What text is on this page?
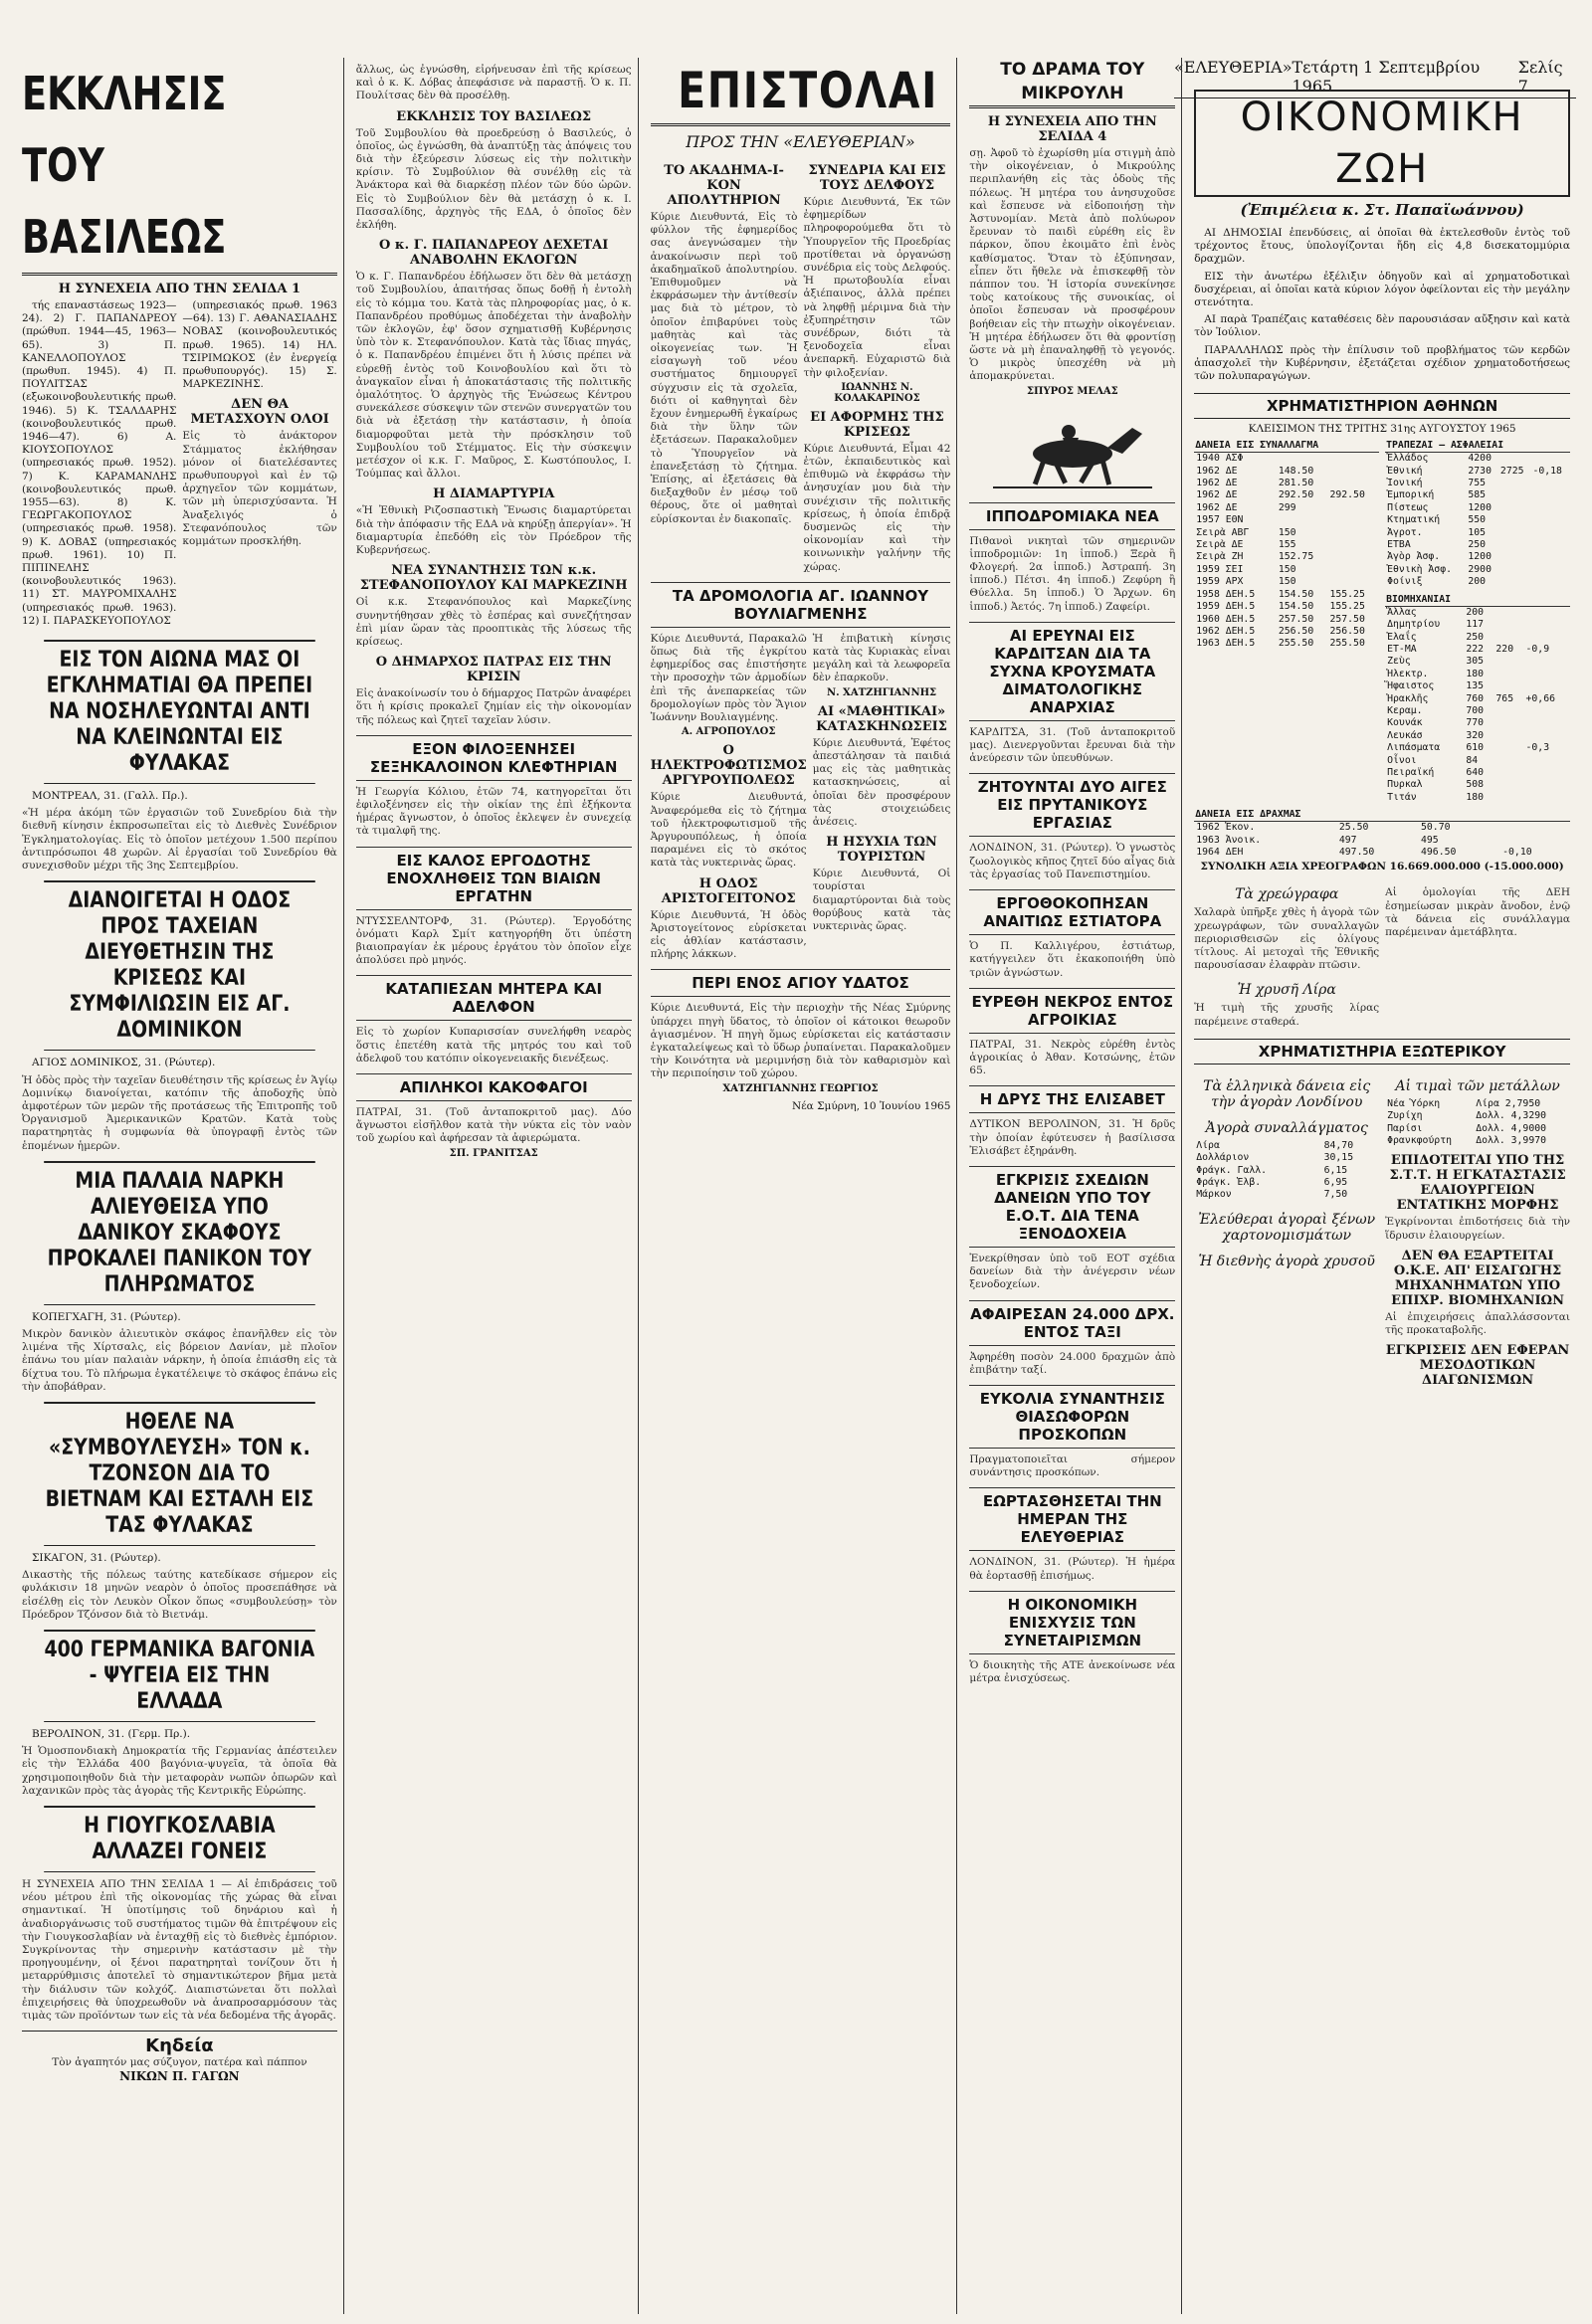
«ΕΛΕΥΘΕΡΙΑ» Τετάρτη 1 Σεπτεμβρίου 1965
Σελίς 7
ΕΚΚΛΗΣΙΣ ΤΟΥ ΒΑΣΙΛΕΩΣ
Η ΣΥΝΕΧΕΙΑ ΑΠΟ ΤΗΝ ΣΕΛΙΔΑ 1

τής επαναστάσεως 1923—24). 2) Γ. ΠΑΠΑΝΔΡΕΟΥ (πρώθυπ. 1944—45, 1963—65). 3) Π. ΚΑΝΕΛΛΟΠΟΥΛΟΣ (πρωθυπ. 1945). 4) Π. ΠΟΥΛΙΤΣΑΣ (εξωκοινοβουλευτικής πρωθ. 1946). 5) Κ. ΤΣΑΛΔΑΡΗΣ (κοινοβουλευτικός πρωθ. 1946—47). 6) Α. ΚΙΟΥΣΟΠΟΥΛΟΣ (υπηρεσιακός πρωθ. 1952). 7) Κ. ΚΑΡΑΜΑΝΛΗΣ (κοινοβουλευτικός πρωθ. 1955—63). 8) Κ. ΓΕΩΡΓΑΚΟΠΟΥΛΟΣ (υπηρεσιακός πρωθ. 1958). 9) Κ. ΔΟΒΑΣ (υπηρεσιακός πρωθ. 1961). 10) Π. ΠΙΠΙΝΕΛΗΣ (κοινοβουλευτικός 1963). 11) ΣΤ. ΜΑΥΡΟΜΙΧΑΛΗΣ (υπηρεσιακός πρωθ. 1963). 12) Ι. ΠΑΡΑΣΚΕΥΟΠΟΥΛΟΣ

(υπηρεσιακός πρωθ. 1963—64). 13) Γ. ΑΘΑΝΑΣΙΑΔΗΣ ΝΟΒΑΣ (κοινοβουλευτικός πρωθ. 1965). 14) ΗΛ. ΤΣΙΡΙΜΩΚΟΣ (ἐν ἐνεργείᾳ πρωθυπουργός). 15) Σ. ΜΑΡΚΕΖΙΝΗΣ.

ΔΕΝ ΘΑ ΜΕΤΑΣΧΟΥΝ ΟΛΟΙ
Εἰς τὸ ἀνάκτορον Στάμματος ἐκλήθησαν μόνον οἱ διατελέσαντες πρωθυπουργοὶ καὶ ἐν τῷ ἀρχηγεῖον τῶν κομμάτων, τῶν μὴ ὑπερισχύσαντα. Ἡ Ἀναξελιγός ὁ Στεφανόπουλος τῶν κομμάτων προσκλήθη.
ΕΙΣ ΤΟΝ ΑΙΩΝΑ ΜΑΣ ΟΙ ΕΓΚΛΗΜΑΤΙΑΙ ΘΑ ΠΡΕΠΕΙ ΝΑ ΝΟΣΗΛΕΥΩΝΤΑΙ ΑΝΤΙ ΝΑ ΚΛΕΙΝΩΝΤΑΙ ΕΙΣ ΦΥΛΑΚΑΣ

ΜΟΝΤΡΕΑΛ, 31. (Γαλλ. Πρ.).

«Ἡ μέρα ἀκόμη τῶν ἐργασιῶν τοῦ Συνεδρίου διὰ τὴν διεθνῆ κίνησιν ἐκπροσωπεῖται εἰς τὸ Διεθνὲς Συνέδριον Ἐγκληματολογίας. Εἰς τὸ ὁποῖον μετέχουν 1.500 περίπου ἀντιπρόσωποι 48 χωρῶν. Αἱ ἐργασίαι τοῦ Συνεδρίου θὰ συνεχισθοῦν μέχρι τῆς 3ης Σεπτεμβρίου.
ΔΙΑΝΟΙΓΕΤΑΙ Η ΟΔΟΣ ΠΡΟΣ ΤΑΧΕΙΑΝ ΔΙΕΥΘΕΤΗΣΙΝ ΤΗΣ ΚΡΙΣΕΩΣ ΚΑΙ ΣΥΜΦΙΛΙΩΣΙΝ ΕΙΣ ΑΓ. ΔΟΜΙΝΙΚΟΝ

ΑΓΙΟΣ ΔΟΜΙΝΙΚΟΣ, 31. (Ρώυτερ).

Ἡ ὁδὸς πρὸς τὴν ταχεῖαν διευθέτησιν τῆς κρίσεως ἐν Ἁγίῳ Δομινίκῳ διανοίγεται, κατόπιν τῆς ἀποδοχῆς ὑπὸ ἀμφοτέρων τῶν μερῶν τῆς προτάσεως τῆς Ἐπιτροπῆς τοῦ Ὀργανισμοῦ Ἀμερικανικῶν Κρατῶν. Κατὰ τοὺς παρατηρητὰς ἡ συμφωνία θὰ ὑπογραφῇ ἐντὸς τῶν ἑπομένων ἡμερῶν.
ΜΙΑ ΠΑΛΑΙΑ ΝΑΡΚΗ ΑΛΙΕΥΘΕΙΣΑ ΥΠΟ ΔΑΝΙΚΟΥ ΣΚΑΦΟΥΣ ΠΡΟΚΑΛΕΙ ΠΑΝΙΚΟΝ ΤΟΥ ΠΛΗΡΩΜΑΤΟΣ

ΚΟΠΕΓΧΑΓΗ, 31. (Ρώυτερ).

Μικρὸν δανικὸν ἁλιευτικὸν σκάφος ἐπανῆλθεν εἰς τὸν λιμένα τῆς Χίρτσαλς, εἰς βόρειον Δανίαν, μὲ πλοῖον ἐπάνω του μίαν παλαιὰν νάρκην, ἡ ὁποία ἐπιάσθη εἰς τὰ δίχτυα του. Τὸ πλήρωμα ἐγκατέλειψε τὸ σκάφος ἐπάνω εἰς τὴν ἀποβάθραν.
ΗΘΕΛΕ ΝΑ «ΣΥΜΒΟΥΛΕΥΣΗ» ΤΟΝ κ. ΤΖΟΝΣΟΝ ΔΙΑ ΤΟ ΒΙΕΤΝΑΜ ΚΑΙ ΕΣΤΑΛΗ ΕΙΣ ΤΑΣ ΦΥΛΑΚΑΣ

ΣΙΚΑΓΟΝ, 31. (Ρώυτερ).

Δικαστὴς τῆς πόλεως ταύτης κατεδίκασε σήμερον εἰς φυλάκισιν 18 μηνῶν νεαρὸν ὁ ὁποῖος προσεπάθησε νὰ εἰσέλθῃ εἰς τὸν Λευκὸν Οἶκον ὅπως «συμβουλεύσῃ» τὸν Πρόεδρον Τζόνσον διὰ τὸ Βιετνάμ.
400 ΓΕΡΜΑΝΙΚΑ ΒΑΓΟΝΙΑ - ΨΥΓΕΙΑ ΕΙΣ ΤΗΝ ΕΛΛΑΔΑ

ΒΕΡΟΛΙΝΟΝ, 31. (Γερμ. Πρ.).

Ἡ Ὁμοσπονδιακὴ Δημοκρατία τῆς Γερμανίας ἀπέστειλεν εἰς τὴν Ἑλλάδα 400 βαγόνια-ψυγεῖα, τὰ ὁποῖα θὰ χρησιμοποιηθοῦν διὰ τὴν μεταφορὰν νωπῶν ὀπωρῶν καὶ λαχανικῶν πρὸς τὰς ἀγορὰς τῆς Κεντρικῆς Εὐρώπης.
Η ΓΙΟΥΓΚΟΣΛΑΒΙΑ ΑΛΛΑΖΕΙ ΓΟΝΕΙΣ
Η ΣΥΝΕΧΕΙΑ ΑΠΟ ΤΗΝ ΣΕΛΙΔΑ 1 — Αἱ ἐπιδράσεις τοῦ νέου μέτρου ἐπὶ τῆς οἰκονομίας τῆς χώρας θὰ εἶναι σημαντικαί. Ἡ ὑποτίμησις τοῦ δηνάριου καὶ ἡ ἀναδιοργάνωσις τοῦ συστήματος τιμῶν θὰ ἐπιτρέψουν εἰς τὴν Γιουγκοσλαβίαν νὰ ἐνταχθῇ εἰς τὸ διεθνὲς ἐμπόριον. Συγκρίνοντας τὴν σημερινὴν κατάστασιν μὲ τὴν προηγουμένην, οἱ ξένοι παρατηρηταὶ τονίζουν ὅτι ἡ μεταρρύθμισις ἀποτελεῖ τὸ σημαντικώτερον βῆμα μετὰ τὴν διάλυσιν τῶν κολχόζ. Διαπιστώνεται ὅτι πολλαὶ ἐπιχειρήσεις θὰ ὑποχρεωθοῦν νὰ ἀναπροσαρμόσουν τὰς τιμὰς τῶν προϊόντων των εἰς τὰ νέα δεδομένα τῆς ἀγορᾶς.
Κηδεία
Τὸν ἀγαπητόν μας σύζυγον, πατέρα καὶ πάππον
ΝΙΚΩΝ Π. ΓΑΓΩΝ
ἄλλως, ὡς ἐγνώσθη, εἰρήνευσαν ἐπὶ τῆς κρίσεως καὶ ὁ κ. Κ. Δόβας ἀπεφάσισε νὰ παραστῇ. Ὁ κ. Π. Πουλίτσας δὲν θὰ προσέλθῃ.
ΕΚΚΛΗΣΙΣ ΤΟΥ ΒΑΣΙΛΕΩΣ
Τοῦ Συμβουλίου θὰ προεδρεύσῃ ὁ Βασιλεύς, ὁ ὁποῖος, ὡς ἐγνώσθη, θὰ ἀναπτύξῃ τὰς ἀπόψεις του διὰ τὴν ἐξεύρεσιν λύσεως εἰς τὴν πολιτικὴν κρίσιν. Τὸ Συμβούλιον θὰ συνέλθῃ εἰς τὰ Ἀνάκτορα καὶ θὰ διαρκέσῃ πλέον τῶν δύο ὡρῶν. Εἰς τὸ Συμβούλιον δὲν θὰ μετάσχῃ ὁ κ. Ι. Πασσαλίδης, ἀρχηγὸς τῆς ΕΔΑ, ὁ ὁποῖος δὲν ἐκλήθη.
Ο κ. Γ. ΠΑΠΑΝΔΡΕΟΥ ΔΕΧΕΤΑΙ ΑΝΑΒΟΛΗΝ ΕΚΛΟΓΩΝ
Ὁ κ. Γ. Παπανδρέου ἐδήλωσεν ὅτι δὲν θὰ μετάσχῃ τοῦ Συμβουλίου, ἀπαιτήσας ὅπως δοθῇ ἡ ἐντολὴ εἰς τὸ κόμμα του. Κατὰ τὰς πληροφορίας μας, ὁ κ. Παπανδρέου προθύμως ἀποδέχεται τὴν ἀναβολὴν τῶν ἐκλογῶν, ἐφ' ὅσον σχηματισθῇ Κυβέρνησις ὑπὸ τὸν κ. Στεφανόπουλον. Κατὰ τὰς ἴδιας πηγάς, ὁ κ. Παπανδρέου ἐπιμένει ὅτι ἡ λύσις πρέπει νὰ εὑρεθῇ ἐντὸς τοῦ Κοινοβουλίου καὶ ὅτι τὸ ἀναγκαῖον εἶναι ἡ ἀποκατάστασις τῆς πολιτικῆς ὁμαλότητος. Ὁ ἀρχηγὸς τῆς Ἑνώσεως Κέντρου συνεκάλεσε σύσκεψιν τῶν στενῶν συνεργατῶν του διὰ νὰ ἐξετάσῃ τὴν κατάστασιν, ἡ ὁποία διαμορφοῦται μετὰ τὴν πρόσκλησιν τοῦ Συμβουλίου τοῦ Στέμματος. Εἰς τὴν σύσκεψιν μετέσχον οἱ κ.κ. Γ. Μαῦρος, Σ. Κωστόπουλος, Ι. Τούμπας καὶ ἄλλοι.
Η ΔΙΑΜΑΡΤΥΡΙΑ
«Ἡ Ἐθνικὴ Ριζοσπαστικὴ Ἕνωσις διαμαρτύρεται διὰ τὴν ἀπόφασιν τῆς ΕΔΑ νὰ κηρύξῃ ἀπεργίαν». Ἡ διαμαρτυρία ἐπεδόθη εἰς τὸν Πρόεδρον τῆς Κυβερνήσεως.
ΝΕΑ ΣΥΝΑΝΤΗΣΙΣ ΤΩΝ κ.κ. ΣΤΕΦΑΝΟΠΟΥΛΟΥ ΚΑΙ ΜΑΡΚΕΖΙΝΗ
Οἱ κ.κ. Στεφανόπουλος καὶ Μαρκεζίνης συνηντήθησαν χθὲς τὸ ἑσπέρας καὶ συνεζήτησαν ἐπὶ μίαν ὥραν τὰς προοπτικὰς τῆς λύσεως τῆς κρίσεως.
Ο ΔΗΜΑΡΧΟΣ ΠΑΤΡΑΣ ΕΙΣ ΤΗΝ ΚΡΙΣΙΝ
Εἰς ἀνακοίνωσίν του ὁ δήμαρχος Πατρῶν ἀναφέρει ὅτι ἡ κρίσις προκαλεῖ ζημίαν εἰς τὴν οἰκονομίαν τῆς πόλεως καὶ ζητεῖ ταχεῖαν λύσιν.
ΕΞΟΝ ΦΙΛΟΞΕΝΗΣΕΙ ΣΕΞΗΚΑΛΟΙΝΟΝ ΚΛΕΦΤΗΡΙΑΝ
Ἡ Γεωργία Κόλιου, ἐτῶν 74, κατηγορεῖται ὅτι ἐφιλοξένησεν εἰς τὴν οἰκίαν της ἐπὶ ἑξήκοντα ἡμέρας ἄγνωστον, ὁ ὁποῖος ἐκλεψεν ἐν συνεχείᾳ τὰ τιμαλφῆ της.
ΕΙΣ ΚΑΛΟΣ ΕΡΓΟΔΟΤΗΣ ΕΝΟΧΛΗΘΕΙΣ ΤΩΝ ΒΙΑΙΩΝ ΕΡΓΑΤΗΝ
ΝΤΥΣΣΕΛΝΤΟΡΦ, 31. (Ρώυτερ). Ἐργοδότης ὀνόματι Καρλ Σμίτ κατηγορήθη ὅτι ὑπέστη βιαιοπραγίαν ἐκ μέρους ἐργάτου τὸν ὁποῖον εἶχε ἀπολύσει πρὸ μηνός.
ΚΑΤΑΠΙΕΣΑΝ ΜΗΤΕΡΑ ΚΑΙ ΑΔΕΛΦΟΝ
Εἰς τὸ χωρίον Κυπαρισσίαν συνελήφθη νεαρὸς ὅστις ἐπετέθη κατὰ τῆς μητρός του καὶ τοῦ ἀδελφοῦ του κατόπιν οἰκογενειακῆς διενέξεως.
ΑΠΙΛΗΚΟΙ ΚΑΚΟΦΑΓΟΙ
ΠΑΤΡΑΙ, 31. (Τοῦ ἀνταποκριτοῦ μας). Δύο ἄγνωστοι εἰσῆλθον κατὰ τὴν νύκτα εἰς τὸν ναὸν τοῦ χωρίου καὶ ἀφήρεσαν τὰ ἀφιερώματα.
ΣΠ. ΓΡΑΝΙΤΣΑΣ
ΕΠΙΣΤΟΛΑΙ
ΠΡΟΣ ΤΗΝ «ΕΛΕΥΘΕΡΙΑΝ»
ΤΟ ΑΚΑΔΗΜΑ-Ι-ΚΟΝ ΑΠΟΛΥΤΗΡΙΟΝ
Κύριε Διευθυντά, Εἰς τὸ φύλλον τῆς ἐφημερίδος σας ἀνεγνώσαμεν τὴν ἀνακοίνωσιν περὶ τοῦ ἀκαδημαϊκοῦ ἀπολυτηρίου. Ἐπιθυμοῦμεν νὰ ἐκφράσωμεν τὴν ἀντίθεσίν μας διὰ τὸ μέτρον, τὸ ὁποῖον ἐπιβαρύνει τοὺς μαθητὰς καὶ τὰς οἰκογενείας των. Ἡ εἰσαγωγὴ τοῦ νέου συστήματος δημιουργεῖ σύγχυσιν εἰς τὰ σχολεῖα, διότι οἱ καθηγηταὶ δὲν ἔχουν ἐνημερωθῆ ἐγκαίρως διὰ τὴν ὕλην τῶν ἐξετάσεων. Παρακαλοῦμεν τὸ Ὑπουργεῖον νὰ ἐπανεξετάσῃ τὸ ζήτημα. Ἐπίσης, αἱ ἐξετάσεις θὰ διεξαχθοῦν ἐν μέσῳ τοῦ θέρους, ὅτε οἱ μαθηταὶ εὑρίσκονται ἐν διακοπαῖς.
ΣΥΝΕΔΡΙΑ ΚΑΙ ΕΙΣ ΤΟΥΣ ΔΕΛΦΟΥΣ
Κύριε Διευθυντά, Ἐκ τῶν ἐφημερίδων πληροφορούμεθα ὅτι τὸ Ὑπουργεῖον τῆς Προεδρίας προτίθεται νὰ ὀργανώσῃ συνέδρια εἰς τοὺς Δελφούς. Ἡ πρωτοβουλία εἶναι ἀξιέπαινος, ἀλλὰ πρέπει νὰ ληφθῇ μέριμνα διὰ τὴν ἐξυπηρέτησιν τῶν συνέδρων, διότι τὰ ξενοδοχεῖα εἶναι ἀνεπαρκῆ. Εὐχαριστῶ διὰ τὴν φιλοξενίαν.
ΙΩΑΝΝΗΣ Ν. ΚΟΛΑΚΑΡΙΝΟΣ
ΕΙ ΑΦΟΡΜΗΣ ΤΗΣ ΚΡΙΣΕΩΣ
Κύριε Διευθυντά, Εἶμαι 42 ἐτῶν, ἐκπαιδευτικὸς καὶ ἐπιθυμῶ νὰ ἐκφράσω τὴν ἀνησυχίαν μου διὰ τὴν συνέχισιν τῆς πολιτικῆς κρίσεως, ἡ ὁποία ἐπιδρᾷ δυσμενῶς εἰς τὴν οἰκονομίαν καὶ τὴν κοινωνικὴν γαλήνην τῆς χώρας.
ΤΑ ΔΡΟΜΟΛΟΓΙΑ ΑΓ. ΙΩΑΝΝΟΥ ΒΟΥΛΙΑΓΜΕΝΗΣ
Κύριε Διευθυντά, Παρακαλῶ ὅπως διὰ τῆς ἐγκρίτου ἐφημερίδος σας ἐπιστήσητε τὴν προσοχὴν τῶν ἁρμοδίων ἐπὶ τῆς ἀνεπαρκείας τῶν δρομολογίων πρὸς τὸν Ἅγιον Ἰωάννην Βουλιαγμένης.
Α. ΑΓΡΟΠΟΥΛΟΣ
Ο ΗΛΕΚΤΡΟΦΩΤΙΣΜΟΣ ΑΡΓΥΡΟΥΠΟΛΕΩΣ
Κύριε Διευθυντά, Ἀναφερόμεθα εἰς τὸ ζήτημα τοῦ ἡλεκτροφωτισμοῦ τῆς Ἀργυρουπόλεως, ἡ ὁποία παραμένει εἰς τὸ σκότος κατὰ τὰς νυκτερινὰς ὥρας.
Η ΟΔΟΣ ΑΡΙΣΤΟΓΕΙΤΟΝΟΣ
Κύριε Διευθυντά, Ἡ ὁδὸς Ἀριστογείτονος εὑρίσκεται εἰς ἀθλίαν κατάστασιν, πλήρης λάκκων.
Ἡ ἐπιβατικὴ κίνησις κατὰ τὰς Κυριακὰς εἶναι μεγάλη καὶ τὰ λεωφορεῖα δὲν ἐπαρκοῦν.
Ν. ΧΑΤΖΗΓΙΑΝΝΗΣ
ΑΙ «ΜΑΘΗΤΙΚΑΙ» ΚΑΤΑΣΚΗΝΩΣΕΙΣ
Κύριε Διευθυντά, Ἐφέτος ἀπεστάλησαν τὰ παιδιά μας εἰς τὰς μαθητικὰς κατασκηνώσεις, αἱ ὁποῖαι δὲν προσφέρουν τὰς στοιχειώδεις ἀνέσεις.
Η ΗΣΥΧΙΑ ΤΩΝ ΤΟΥΡΙΣΤΩΝ
Κύριε Διευθυντά, Οἱ τουρίσται διαμαρτύρονται διὰ τοὺς θορύβους κατὰ τὰς νυκτερινὰς ὥρας.
ΠΕΡΙ ΕΝΟΣ ΑΓΙΟΥ ΥΔΑΤΟΣ
Κύριε Διευθυντά, Εἰς τὴν περιοχὴν τῆς Νέας Σμύρνης ὑπάρχει πηγὴ ὕδατος, τὸ ὁποῖον οἱ κάτοικοι θεωροῦν ἁγιασμένον. Ἡ πηγὴ ὅμως εὑρίσκεται εἰς κατάστασιν ἐγκαταλείψεως καὶ τὸ ὕδωρ ῥυπαίνεται. Παρακαλοῦμεν τὴν Κοινότητα νὰ μεριμνήσῃ διὰ τὸν καθαρισμὸν καὶ τὴν περιποίησιν τοῦ χώρου.
ΧΑΤΖΗΓΙΑΝΝΗΣ ΓΕΩΡΓΙΟΣ

Νέα Σμύρνη, 10 Ἰουνίου 1965

ΤΟ ΔΡΑΜΑ ΤΟΥ ΜΙΚΡΟΥΛΗ
Η ΣΥΝΕΧΕΙΑ ΑΠΟ ΤΗΝ ΣΕΛΙΔΑ 4
σῃ. Ἀφοῦ τὸ ἐχωρίσθη μία στιγμὴ ἀπὸ τὴν οἰκογένειαν, ὁ Μικρούλης περιπλανήθη εἰς τὰς ὁδοὺς τῆς πόλεως. Ἡ μητέρα του ἀνησυχοῦσε καὶ ἔσπευσε νὰ εἰδοποιήσῃ τὴν Ἀστυνομίαν. Μετὰ ἀπὸ πολύωρον ἔρευναν τὸ παιδὶ εὑρέθη εἰς ἓν πάρκον, ὅπου ἐκοιμᾶτο ἐπὶ ἑνὸς καθίσματος. Ὅταν τὸ ἐξύπνησαν, εἶπεν ὅτι ἤθελε νὰ ἐπισκεφθῇ τὸν πάππον του. Ἡ ἱστορία συνεκίνησε τοὺς κατοίκους τῆς συνοικίας, οἱ ὁποῖοι ἔσπευσαν νὰ προσφέρουν βοήθειαν εἰς τὴν πτωχὴν οἰκογένειαν. Ἡ μητέρα ἐδήλωσεν ὅτι θὰ φροντίσῃ ὥστε νὰ μὴ ἐπαναληφθῇ τὸ γεγονός. Ὁ μικρὸς ὑπεσχέθη νὰ μὴ ἀπομακρύνεται.
ΣΠΥΡΟΣ ΜΕΛΑΣ
ΙΠΠΟΔΡΟΜΙΑΚΑ ΝΕΑ
Πιθανοὶ νικηταὶ τῶν σημερινῶν ἱπποδρομιῶν: 1η ἱπποδ.) Ξερὰ ἢ Φλογερή. 2α ἱπποδ.) Ἀστραπή. 3η ἱπποδ.) Πέτσι. 4η ἱπποδ.) Ζεφύρη ἢ Θύελλα. 5η ἱπποδ.) Ὁ Ἄρχων. 6η ἱπποδ.) Ἀετός. 7η ἱπποδ.) Ζαφείρι.
ΑΙ ΕΡΕΥΝΑΙ ΕΙΣ ΚΑΡΔΙΤΣΑΝ ΔΙΑ ΤΑ ΣΥΧΝΑ ΚΡΟΥΣΜΑΤΑ ΔΙΜΑΤΟΛΟΓΙΚΗΣ ΑΝΑΡΧΙΑΣ
ΚΑΡΔΙΤΣΑ, 31. (Τοῦ ἀνταποκριτοῦ μας). Διενεργοῦνται ἔρευναι διὰ τὴν ἀνεύρεσιν τῶν ὑπευθύνων.
ΖΗΤΟΥΝΤΑΙ ΔΥΟ ΑΙΓΕΣ ΕΙΣ ΠΡΥΤΑΝΙΚΟΥΣ ΕΡΓΑΣΙΑΣ
ΛΟΝΔΙΝΟΝ, 31. (Ρώυτερ). Ὁ γνωστὸς ζωολογικὸς κῆπος ζητεῖ δύο αἶγας διὰ τὰς ἐργασίας τοῦ Πανεπιστημίου.
ΕΡΓΟΘΟΚΟΠΗΣΑΝ ΑΝΑΙΤΙΩΣ ΕΣΤΙΑΤΟΡΑ
Ὁ Π. Καλλιγέρου, ἑστιάτωρ, κατήγγειλεν ὅτι ἐκακοποιήθη ὑπὸ τριῶν ἀγνώστων.
ΕΥΡΕΘΗ ΝΕΚΡΟΣ ΕΝΤΟΣ ΑΓΡΟΙΚΙΑΣ
ΠΑΤΡΑΙ, 31. Νεκρὸς εὑρέθη ἐντὸς ἀγροικίας ὁ Ἀθαν. Κοτσώνης, ἐτῶν 65.
Η ΔΡΥΣ ΤΗΣ ΕΛΙΣΑΒΕΤ
ΔΥΤΙΚΟΝ ΒΕΡΟΛΙΝΟΝ, 31. Ἡ δρῦς τὴν ὁποίαν ἐφύτευσεν ἡ βασίλισσα Ἐλισάβετ ἐξηράνθη.
ΕΓΚΡΙΣΙΣ ΣΧΕΔΙΩΝ ΔΑΝΕΙΩΝ ΥΠΟ ΤΟΥ Ε.Ο.Τ. ΔΙΑ ΤΕΝΑ ΞΕΝΟΔΟΧΕΙΑ
Ἐνεκρίθησαν ὑπὸ τοῦ ΕΟΤ σχέδια δανείων διὰ τὴν ἀνέγερσιν νέων ξενοδοχείων.
ΑΦΑΙΡΕΣΑΝ 24.000 ΔΡΧ. ΕΝΤΟΣ ΤΑΞΙ
Ἀφηρέθη ποσὸν 24.000 δραχμῶν ἀπὸ ἐπιβάτην ταξί.
ΕΥΚΟΛΙΑ ΣΥΝΑΝΤΗΣΙΣ ΘΙΑΣΩΦΟΡΩΝ ΠΡΟΣΚΟΠΩΝ
Πραγματοποιεῖται σήμερον συνάντησις προσκόπων.
ΕΩΡΤΑΣΘΗΣΕΤΑΙ ΤΗΝ ΗΜΕΡΑΝ ΤΗΣ ΕΛΕΥΘΕΡΙΑΣ
ΛΟΝΔΙΝΟΝ, 31. (Ρώυτερ). Ἡ ἡμέρα θὰ ἑορτασθῇ ἐπισήμως.
Η ΟΙΚΟΝΟΜΙΚΗ ΕΝΙΣΧΥΣΙΣ ΤΩΝ ΣΥΝΕΤΑΙΡΙΣΜΩΝ
Ὁ διοικητὴς τῆς ΑΤΕ ἀνεκοίνωσε νέα μέτρα ἐνισχύσεως.
ΟΙΚΟΝΟΜΙΚΗ ΖΩΗ
(Ἐπιμέλεια κ. Στ. Παπαϊωάννου)

ΑΙ ΔΗΜΟΣΙΑΙ ἐπενδύσεις, αἱ ὁποῖαι θὰ ἐκτελεσθοῦν ἐντὸς τοῦ τρέχοντος ἔτους, ὑπολογίζονται ἤδη εἰς 4,8 δισεκατομμύρια δραχμῶν.

ΕΙΣ τὴν ἀνωτέρω ἐξέλιξιν ὀδηγοῦν καὶ αἱ χρηματοδοτικαὶ δυσχέρειαι, αἱ ὁποῖαι κατὰ κύριον λόγον ὀφείλονται εἰς τὴν μεγάλην στενότητα.

ΑΙ παρὰ Τραπέζαις καταθέσεις δὲν παρουσιάσαν αὔξησιν καὶ κατὰ τὸν Ἰούλιον.

ΠΑΡΑΛΛΗΛΩΣ πρὸς τὴν ἐπίλυσιν τοῦ προβλήματος τῶν κερδῶν ἀπασχολεῖ τὴν Κυβέρνησιν, ἐξετάζεται σχέδιον χρηματοδοτήσεως τῶν πολυπαραγώγων.

ΧΡΗΜΑΤΙΣΤΗΡΙΟΝ ΑΘΗΝΩΝ
ΚΛΕΙΣΙΜΟΝ ΤΗΣ ΤΡΙΤΗΣ 31ης ΑΥΓΟΥΣΤΟΥ 1965
ΔΑΝΕΙΑ ΕΙΣ ΣΥΝΑΛΛΑΓΜΑ		
1940 ΑΣΦ		
1962 ΔΕ	148.50	
1962 ΔΕ	281.50	
1962 ΔΕ	292.50	292.50
1962 ΔΕ	299	
1957 ΕΘΝ		
Σειρὰ ΑΒΓ	150	
Σειρὰ ΔΕ	155	
Σειρὰ ΖΗ	152.75	
1959 ΣΕΙ	150	
1959 ΑΡΧ	150	
1958 ΔΕΗ.5	154.50	155.25
1959 ΔΕΗ.5	154.50	155.25
1960 ΔΕΗ.5	257.50	257.50
1962 ΔΕΗ.5	256.50	256.50
1963 ΔΕΗ.5	255.50	255.50
ΤΡΑΠΕΖΑΙ — ΑΣΦΑΛΕΙΑΙ			
Ἑλλάδος	4200		
Ἐθνική	2730	2725	-0,18
Ἰονική	755		
Ἐμπορική	585		
Πίστεως	1200		
Κτηματική	550		
Ἀγροτ.	105		
ΕΤΒΑ	250		
Ἀγὸρ Ἀσφ.	1200		
Ἐθνικὴ Ἀσφ.	2900		
Φοίνιξ	200		
ΒΙΟΜΗΧΑΝΙΑΙ			
Ἄλλας	200		
Δημητρίου	117		
Ἐλαΐς	250		
ΕΤ-ΜΑ	222	220	-0,9
Ζεὺς	305		
Ἠλεκτρ.	180		
Ἥφαιστος	135		
Ἡρακλῆς	760	765	+0,66
Κεραμ.	700		
Κουνάκ	770		
Λευκάσ	320		
Λιπάσματα	610		-0,3
Οἶνοι	84		
Πειραϊκή	640		
Πυρκαλ	508		
Τιτάν	180		
ΔΑΝΕΙΑ ΕΙΣ ΔΡΑΧΜΑΣ			
1962 Ἐκον.	25.50	50.70	
1963 Ἀνοικ.	497	495	
1964 ΔΕΗ	497.50	496.50	-0,10
ΣΥΝΟΛΙΚΗ ΑΞΙΑ ΧΡΕΟΓΡΑΦΩΝ 16.669.000.000 (-15.000.000)
Τὰ χρεώγραφα
Χαλαρὰ ὑπῆρξε χθὲς ἡ ἀγορὰ τῶν χρεωγράφων, τῶν συναλλαγῶν περιορισθεισῶν εἰς ὀλίγους τίτλους. Αἱ μετοχαὶ τῆς Ἐθνικῆς παρουσίασαν ἐλαφρὰν πτῶσιν.
Ἡ χρυσῆ Λίρα
Ἡ τιμὴ τῆς χρυσῆς λίρας παρέμεινε σταθερά.
Αἱ ὁμολογίαι τῆς ΔΕΗ ἐσημείωσαν μικρὰν ἄνοδον, ἐνῷ τὰ δάνεια εἰς συνάλλαγμα παρέμειναν ἀμετάβλητα.
ΧΡΗΜΑΤΙΣΤΗΡΙΑ ΕΞΩΤΕΡΙΚΟΥ
Τὰ ἑλληνικὰ δάνεια εἰς τὴν ἀγορὰν Λονδίνου
Ἀγορὰ συναλλάγματος
Λίρα	84,70
Δολλάριον	30,15
Φράγκ. Γαλλ.	6,15
Φράγκ. Ἑλβ.	6,95
Μάρκον	7,50
Ἐλεύθεραι ἀγοραὶ ξένων χαρτονομισμάτων
Ἡ διεθνὴς ἀγορὰ χρυσοῦ
Αἱ τιμαὶ τῶν μετάλλων
Νέα Ὑόρκη	Λίρα 2,7950
Ζυρίχη	Δολλ. 4,3290
Παρίσι	Δολλ. 4,9000
Φρανκφούρτη	Δολλ. 3,9970
ΕΠΙΔΟΤΕΙΤΑΙ ΥΠΟ ΤΗΣ Σ.Τ.Τ. Η ΕΓΚΑΤΑΣΤΑΣΙΣ ΕΛΑΙΟΥΡΓΕΙΩΝ ΕΝΤΑΤΙΚΗΣ ΜΟΡΦΗΣ
Ἐγκρίνονται ἐπιδοτήσεις διὰ τὴν ἵδρυσιν ἐλαιουργείων.
ΔΕΝ ΘΑ ΕΞΑΡΤΕΙΤΑΙ Ο.Κ.Ε. ΑΠ' ΕΙΣΑΓΩΓΗΣ ΜΗΧΑΝΗΜΑΤΩΝ ΥΠΟ ΕΠΙΧΡ. ΒΙΟΜΗΧΑΝΙΩΝ
Αἱ ἐπιχειρήσεις ἀπαλλάσσονται τῆς προκαταβολῆς.
ΕΓΚΡΙΣΕΙΣ ΔΕΝ ΕΦΕΡΑΝ ΜΕΣΟΔΟΤΙΚΩΝ ΔΙΑΓΩΝΙΣΜΩΝ
